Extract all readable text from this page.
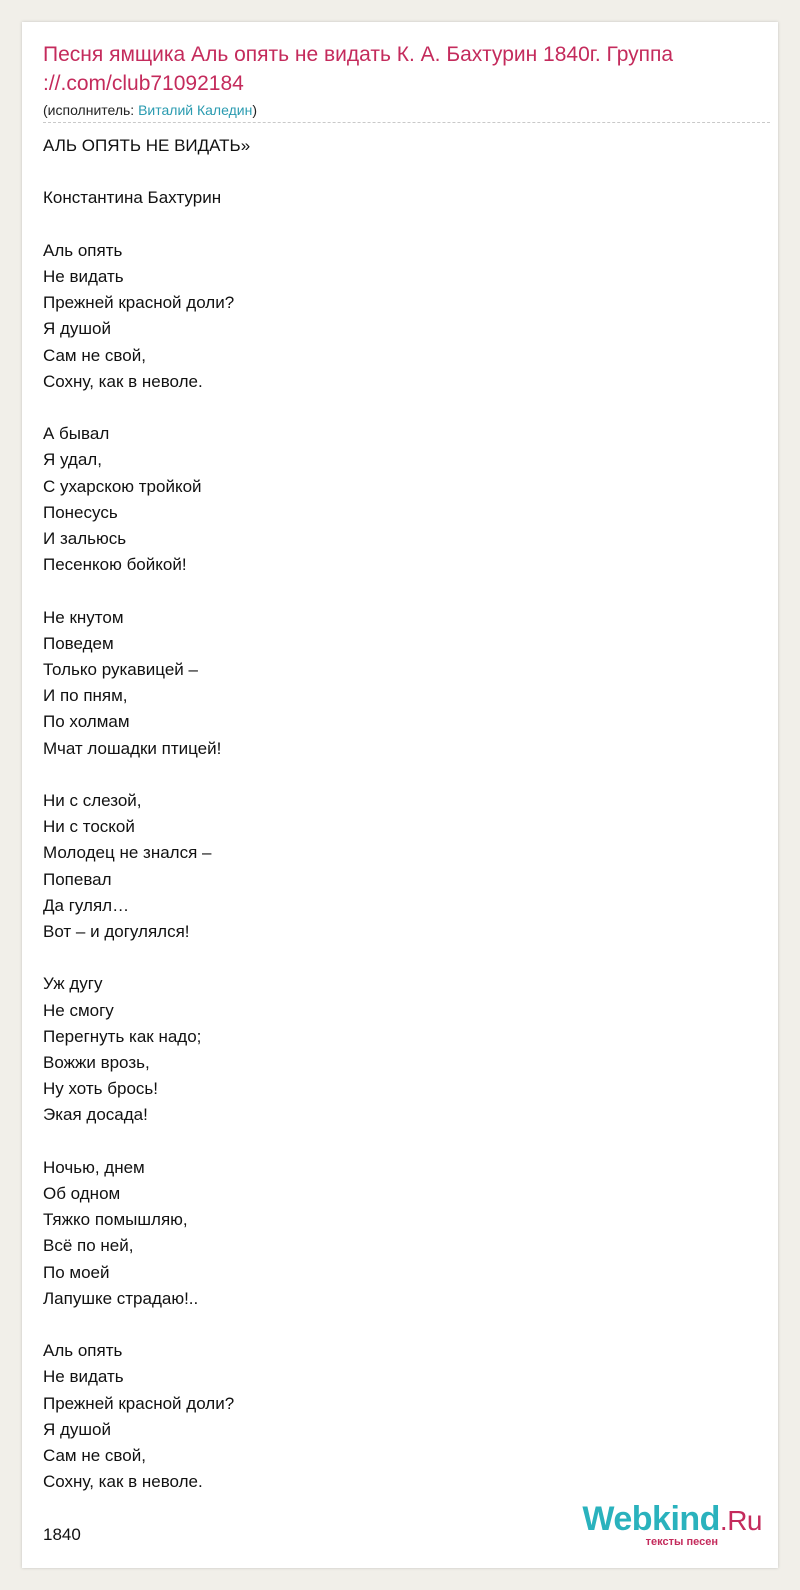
Песня ямщика Аль опять не видать К. А. Бахтурин 1840г. Группа ://.com/club71092184
(исполнитель: Виталий Каледин)
АЛЬ ОПЯТЬ НЕ ВИДАТЬ»
Константина Бахтурин
Аль опять
Не видать
Прежней красной доли?
Я душой
Сам не свой,
Сохну, как в неволе.
А бывал
Я удал,
С ухарскою тройкой
Понесусь
И зальюсь
Песенкою бойкой!
Не кнутом
Поведем
Только рукавицей –
И по пням,
По холмам
Мчат лошадки птицей!
Ни с слезой,
Ни с тоской
Молодец не знался –
Попевал
Да гулял…
Вот – и догулялся!
Уж дугу
Не смогу
Перегнуть как надо;
Вожжи врозь,
Ну хоть брось!
Экая досада!
Ночью, днем
Об одном
Тяжко помышляю,
Всё по ней,
По моей
Лапушке страдаю!..
Аль опять
Не видать
Прежней красной доли?
Я душой
Сам не свой,
Сохну, как в неволе.
1840	Webkind.Ru
тексты песен
